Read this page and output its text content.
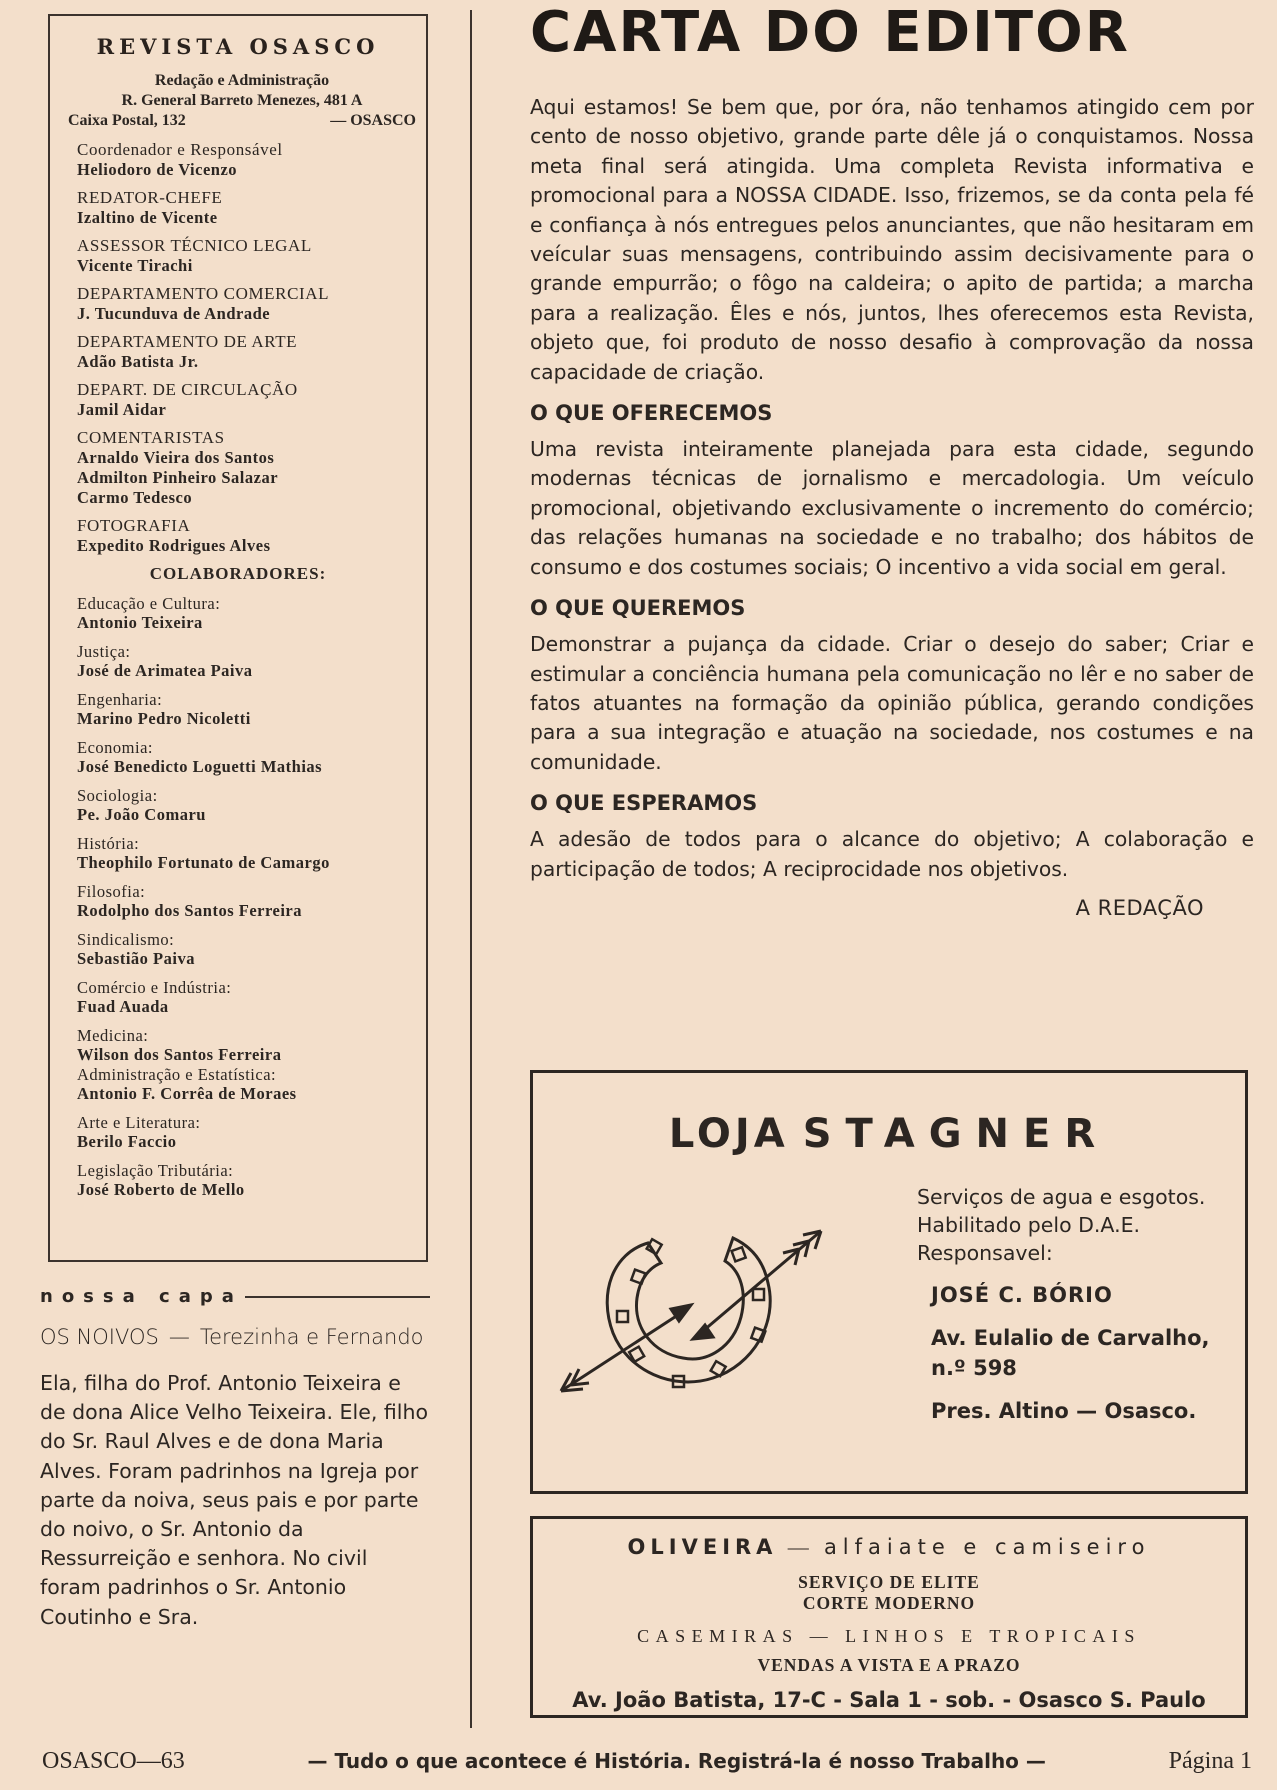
REVISTA OSASCO
Redação e Administração
R. General Barreto Menezes, 481 A
Caixa Postal, 132	— OSASCO
Coordenador e Responsável
Heliodoro de Vicenzo
REDATOR-CHEFE
Izaltino de Vicente
ASSESSOR TÉCNICO LEGAL
Vicente Tirachi
DEPARTAMENTO COMERCIAL
J. Tucunduva de Andrade
DEPARTAMENTO DE ARTE
Adão Batista Jr.
DEPART. DE CIRCULAÇÃO
Jamil Aidar
COMENTARISTAS
Arnaldo Vieira dos Santos
Admilton Pinheiro Salazar
Carmo Tedesco
FOTOGRAFIA
Expedito Rodrigues Alves
COLABORADORES:
Educação e Cultura:
Antonio Teixeira
Justiça:
José de Arimatea Paiva
Engenharia:
Marino Pedro Nicoletti
Economia:
José Benedicto Loguetti Mathias
Sociologia:
Pe. João Comaru
História:
Theophilo Fortunato de Camargo
Filosofia:
Rodolpho dos Santos Ferreira
Sindicalismo:
Sebastião Paiva
Comércio e Indústria:
Fuad Auada
Medicina:
Wilson dos Santos Ferreira
Administração e Estatística:
Antonio F. Corrêa de Moraes
Arte e Literatura:
Berilo Faccio
Legislação Tributária:
José Roberto de Mello
nossa capa
OS NOIVOS — Terezinha e Fernando
Ela, filha do Prof. Antonio Teixeira e de dona Alice Velho Teixeira. Ele, filho do Sr. Raul Alves e de dona Maria Alves. Foram padrinhos na Igreja por parte da noiva, seus pais e por parte do noivo, o Sr. Antonio da Ressurreição e senhora. No civil foram padrinhos o Sr. Antonio Coutinho e Sra.
CARTA DO EDITOR

Aqui estamos! Se bem que, por óra, não tenhamos atingido cem por cento de nosso objetivo, grande parte dêle já o conquistamos. Nossa meta final será atingida. Uma completa Revista informativa e promocional para a NOSSA CIDADE. Isso, frizemos, se da conta pela fé e confiança à nós entregues pelos anunciantes, que não hesitaram em veícular suas mensagens, contribuindo assim decisivamente para o grande empurrão; o fôgo na caldeira; o apito de partida; a marcha para a realização. Êles e nós, juntos, lhes oferecemos esta Revista, objeto que, foi produto de nosso desafio à comprovação da nossa capacidade de criação.

O QUE OFERECEMOS

Uma revista inteiramente planejada para esta cidade, segundo modernas técnicas de jornalismo e mercadologia. Um veículo promocional, objetivando exclusivamente o incremento do comércio; das relações humanas na sociedade e no trabalho; dos hábitos de consumo e dos costumes sociais; O incentivo a vida social em geral.

O QUE QUEREMOS

Demonstrar a pujança da cidade. Criar o desejo do saber; Criar e estimular a conciência humana pela comunicação no lêr e no saber de fatos atuantes na formação da opinião pública, gerando condições para a sua integração e atuação na sociedade, nos costumes e na comunidade.

O QUE ESPERAMOS

A adesão de todos para o alcance do objetivo; A colaboração e participação de todos; A reciprocidade nos objetivos.

A REDAÇÃO
LOJA STAGNER
Serviços de agua e esgotos.
Habilitado pelo D.A.E.
Responsavel:
JOSÉ C. BÓRIO
Av. Eulalio de Carvalho, n.º 598
Pres. Altino — Osasco.
OLIVEIRA — alfaiate e camiseiro
SERVIÇO DE ELITE
CORTE MODERNO
CASEMIRAS — LINHOS E TROPICAIS
VENDAS A VISTA E A PRAZO
Av. João Batista, 17-C - Sala 1 - sob. - Osasco S. Paulo
OSASCO—63	— Tudo o que acontece é História. Registrá-la é nosso Trabalho —	Página 1
